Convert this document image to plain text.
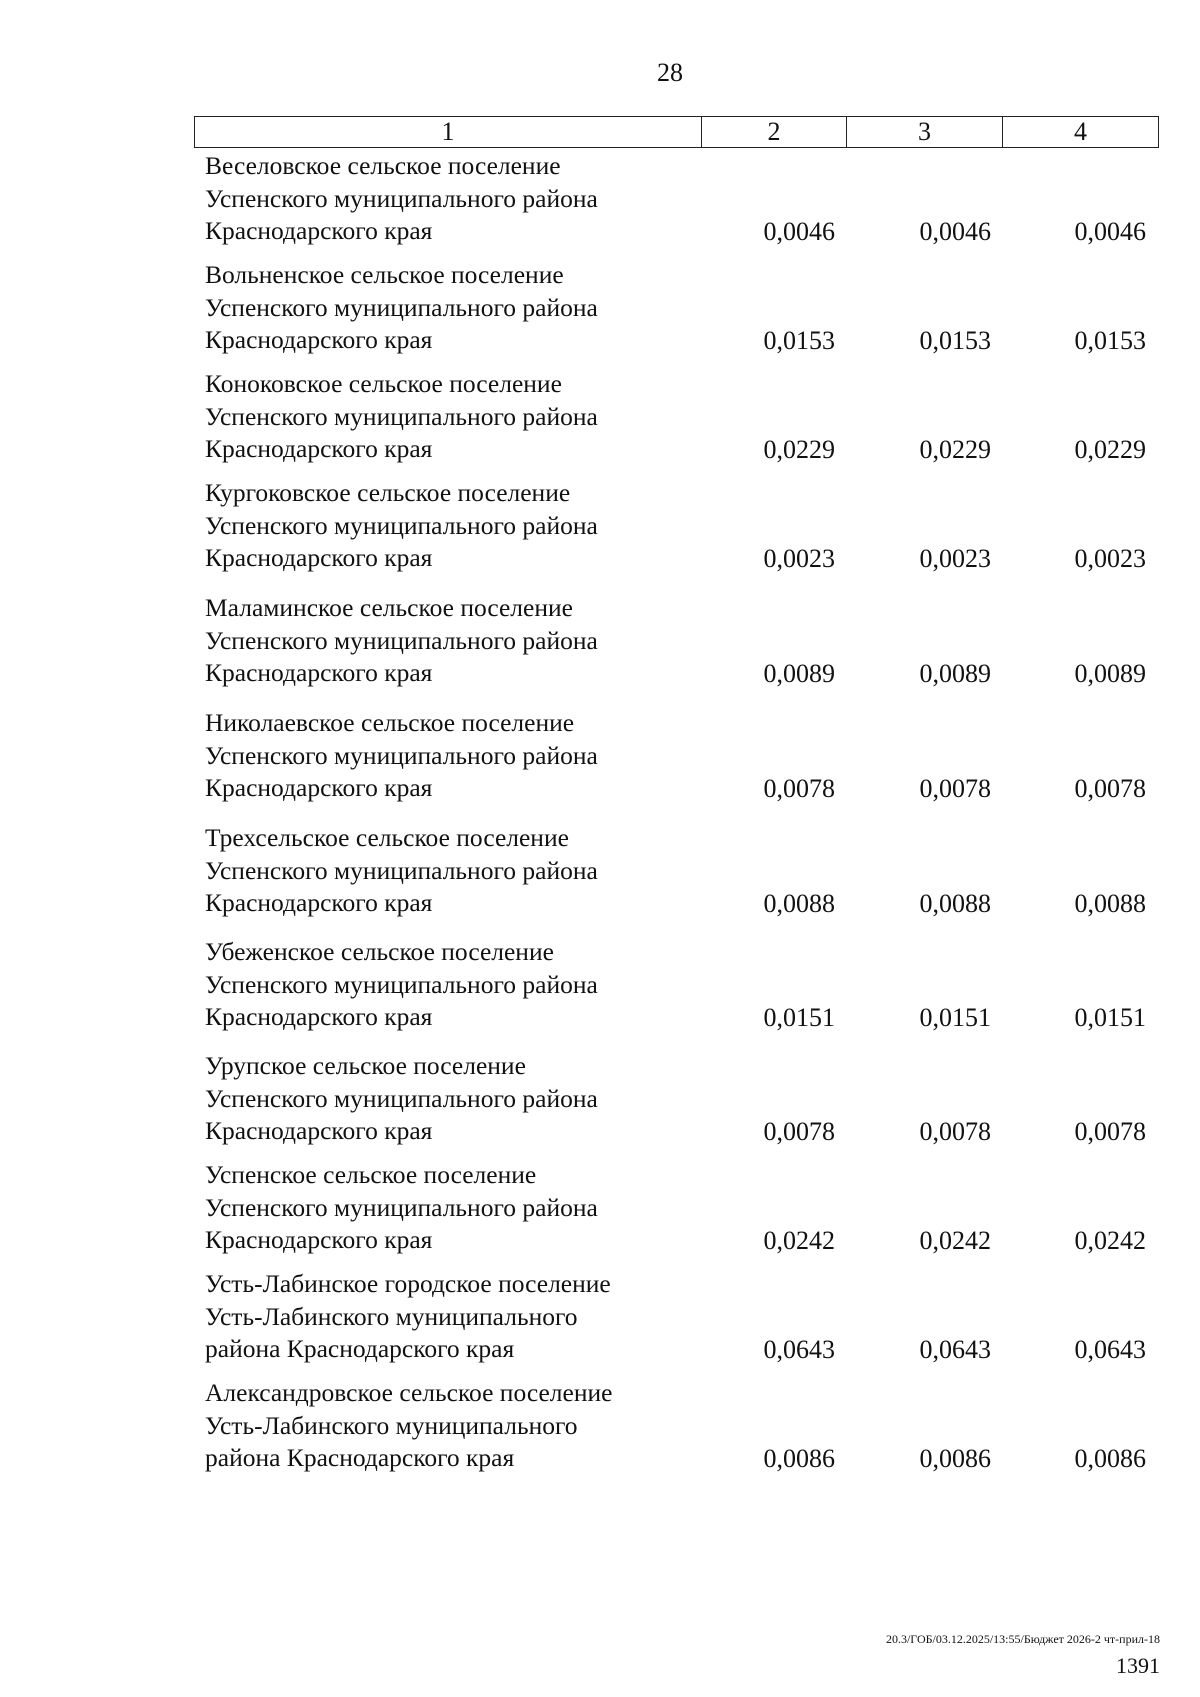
28
1	2	3	4
Веселовское сельское поселение
Успенского муниципального района
Краснодарского края	0,0046	0,0046	0,0046
Вольненское сельское поселение
Успенского муниципального района
Краснодарского края	0,0153	0,0153	0,0153
Коноковское сельское поселение
Успенского муниципального района
Краснодарского края	0,0229	0,0229	0,0229
Кургоковское сельское поселение
Успенского муниципального района
Краснодарского края	0,0023	0,0023	0,0023
Маламинское сельское поселение
Успенского муниципального района
Краснодарского края	0,0089	0,0089	0,0089
Николаевское сельское поселение
Успенского муниципального района
Краснодарского края	0,0078	0,0078	0,0078
Трехсельское сельское поселение
Успенского муниципального района
Краснодарского края	0,0088	0,0088	0,0088
Убеженское сельское поселение
Успенского муниципального района
Краснодарского края	0,0151	0,0151	0,0151
Урупское сельское поселение
Успенского муниципального района
Краснодарского края	0,0078	0,0078	0,0078
Успенское сельское поселение
Успенского муниципального района
Краснодарского края	0,0242	0,0242	0,0242
Усть-Лабинское городское поселение
Усть-Лабинского муниципального
района Краснодарского края	0,0643	0,0643	0,0643
Александровское сельское поселение
Усть-Лабинского муниципального
района Краснодарского края	0,0086	0,0086	0,0086
20.3/ГОБ/03.12.2025/13:55/Бюджет 2026-2 чт-прил-18
1391
